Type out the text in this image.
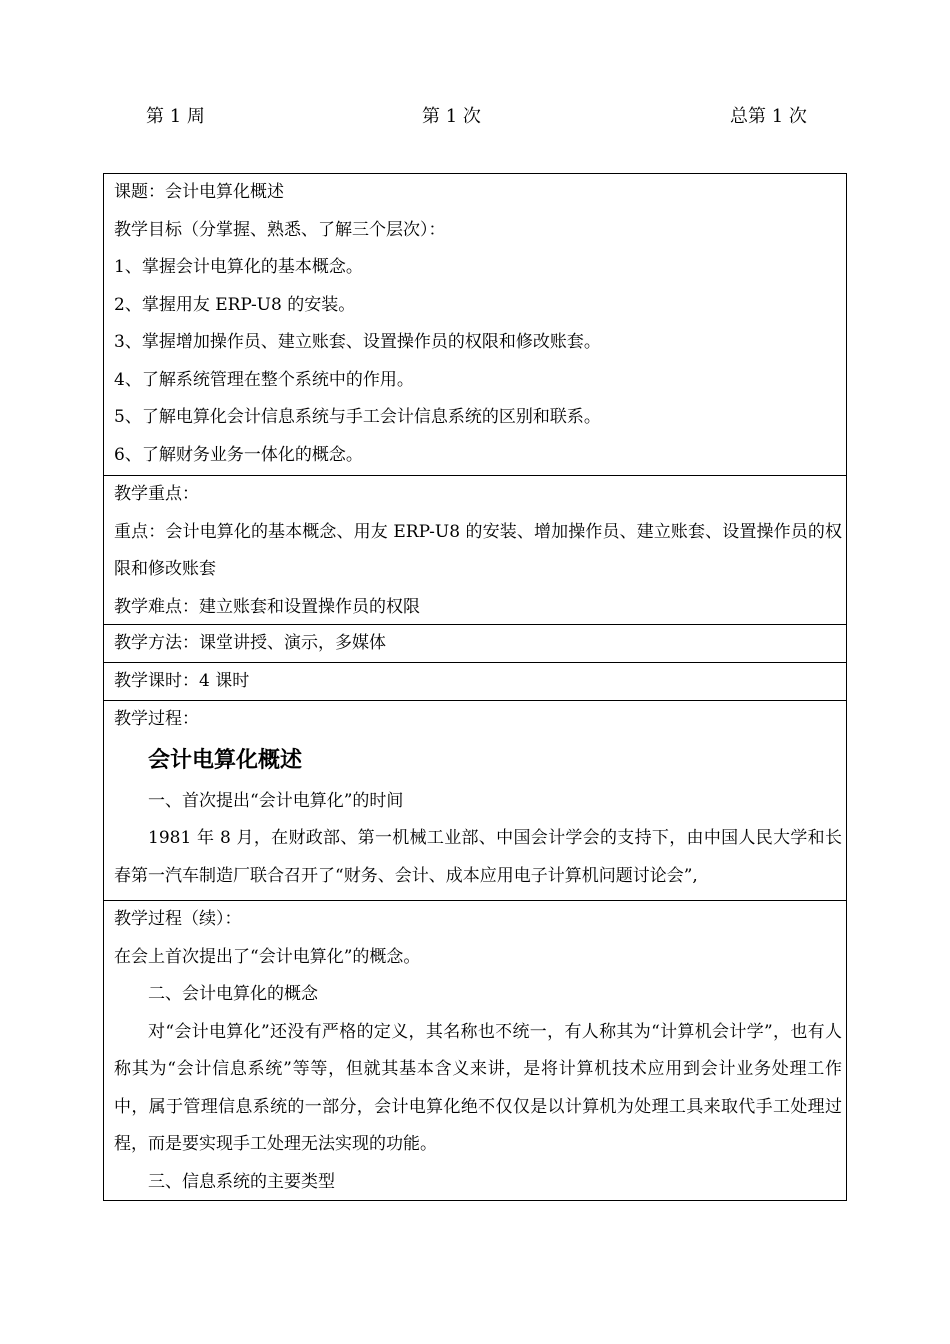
第 1 周	第 1 次	总第 1 次
课题：会计电算化概述
教学目标（分掌握、熟悉、了解三个层次）：
1、掌握会计电算化的基本概念。
2、掌握用友 ERP-U8 的安装。
3、掌握增加操作员、建立账套、设置操作员的权限和修改账套。
4、了解系统管理在整个系统中的作用。
5、了解电算化会计信息系统与手工会计信息系统的区别和联系。
6、了解财务业务一体化的概念。
教学重点：
重点：会计电算化的基本概念、用友 ERP-U8 的安装、增加操作员、建立账套、设置操作员的权限和修改账套
教学难点：建立账套和设置操作员的权限
教学方法：课堂讲授、演示，多媒体
教学课时：4 课时
教学过程：
会计电算化概述
一、首次提出“会计电算化”的时间
1981 年 8 月，在财政部、第一机械工业部、中国会计学会的支持下，由中国人民大学和长春第一汽车制造厂联合召开了“财务、会计、成本应用电子计算机问题讨论会”,
教学过程（续）：
在会上首次提出了“会计电算化”的概念。
二、会计电算化的概念
对“会计电算化”还没有严格的定义，其名称也不统一，有人称其为“计算机会计学”，也有人称其为“会计信息系统”等等，但就其基本含义来讲，是将计算机技术应用到会计业务处理工作中，属于管理信息系统的一部分，会计电算化绝不仅仅是以计算机为处理工具来取代手工处理过程，而是要实现手工处理无法实现的功能。
三、信息系统的主要类型
